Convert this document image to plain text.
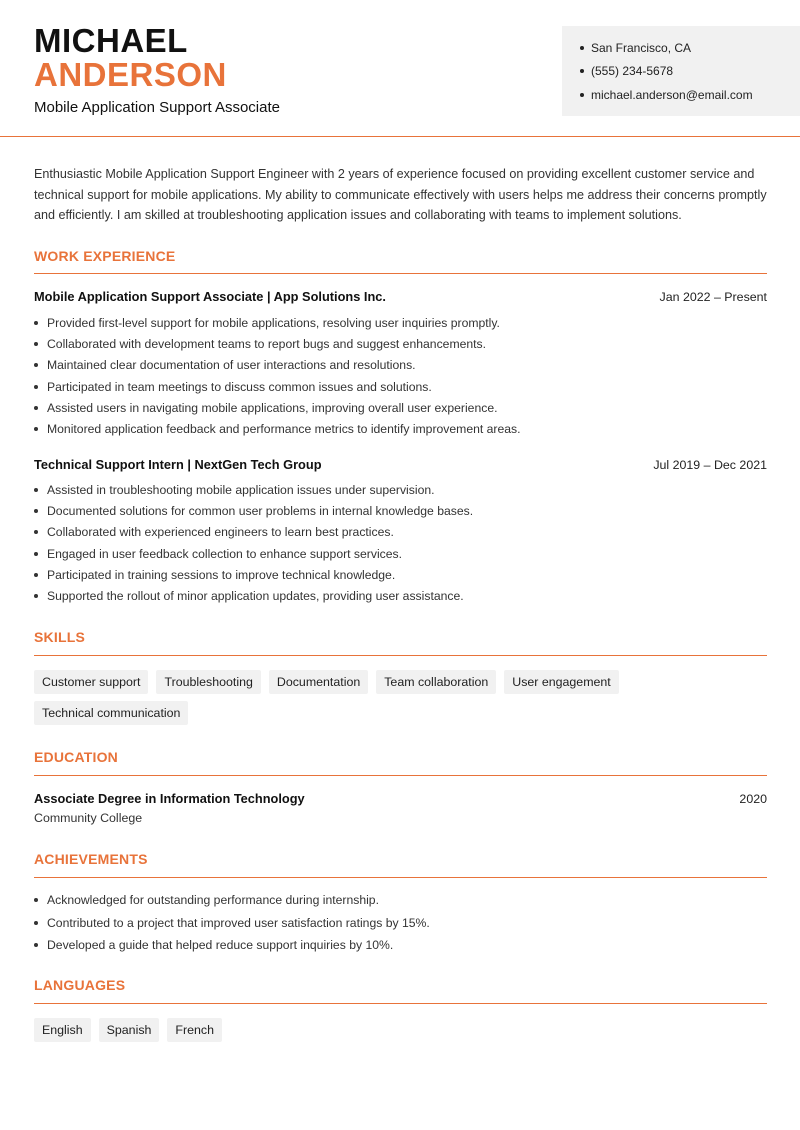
MICHAEL
ANDERSON
Mobile Application Support Associate
San Francisco, CA
(555) 234-5678
michael.anderson@email.com

Enthusiastic Mobile Application Support Engineer with 2 years of experience focused on providing excellent customer service and technical support for mobile applications. My ability to communicate effectively with users helps me address their concerns promptly and efficiently. I am skilled at troubleshooting application issues and collaborating with teams to implement solutions.

WORK EXPERIENCE
Mobile Application Support Associate | App Solutions Inc.	Jan 2022 – Present
Provided first-level support for mobile applications, resolving user inquiries promptly.
Collaborated with development teams to report bugs and suggest enhancements.
Maintained clear documentation of user interactions and resolutions.
Participated in team meetings to discuss common issues and solutions.
Assisted users in navigating mobile applications, improving overall user experience.
Monitored application feedback and performance metrics to identify improvement areas.
Technical Support Intern | NextGen Tech Group	Jul 2019 – Dec 2021
Assisted in troubleshooting mobile application issues under supervision.
Documented solutions for common user problems in internal knowledge bases.
Collaborated with experienced engineers to learn best practices.
Engaged in user feedback collection to enhance support services.
Participated in training sessions to improve technical knowledge.
Supported the rollout of minor application updates, providing user assistance.
SKILLS
Customer support	Troubleshooting	Documentation	Team collaboration	User engagement
Technical communication
EDUCATION
Associate Degree in Information Technology	2020
Community College
ACHIEVEMENTS
Acknowledged for outstanding performance during internship.
Contributed to a project that improved user satisfaction ratings by 15%.
Developed a guide that helped reduce support inquiries by 10%.
LANGUAGES
English	Spanish	French
